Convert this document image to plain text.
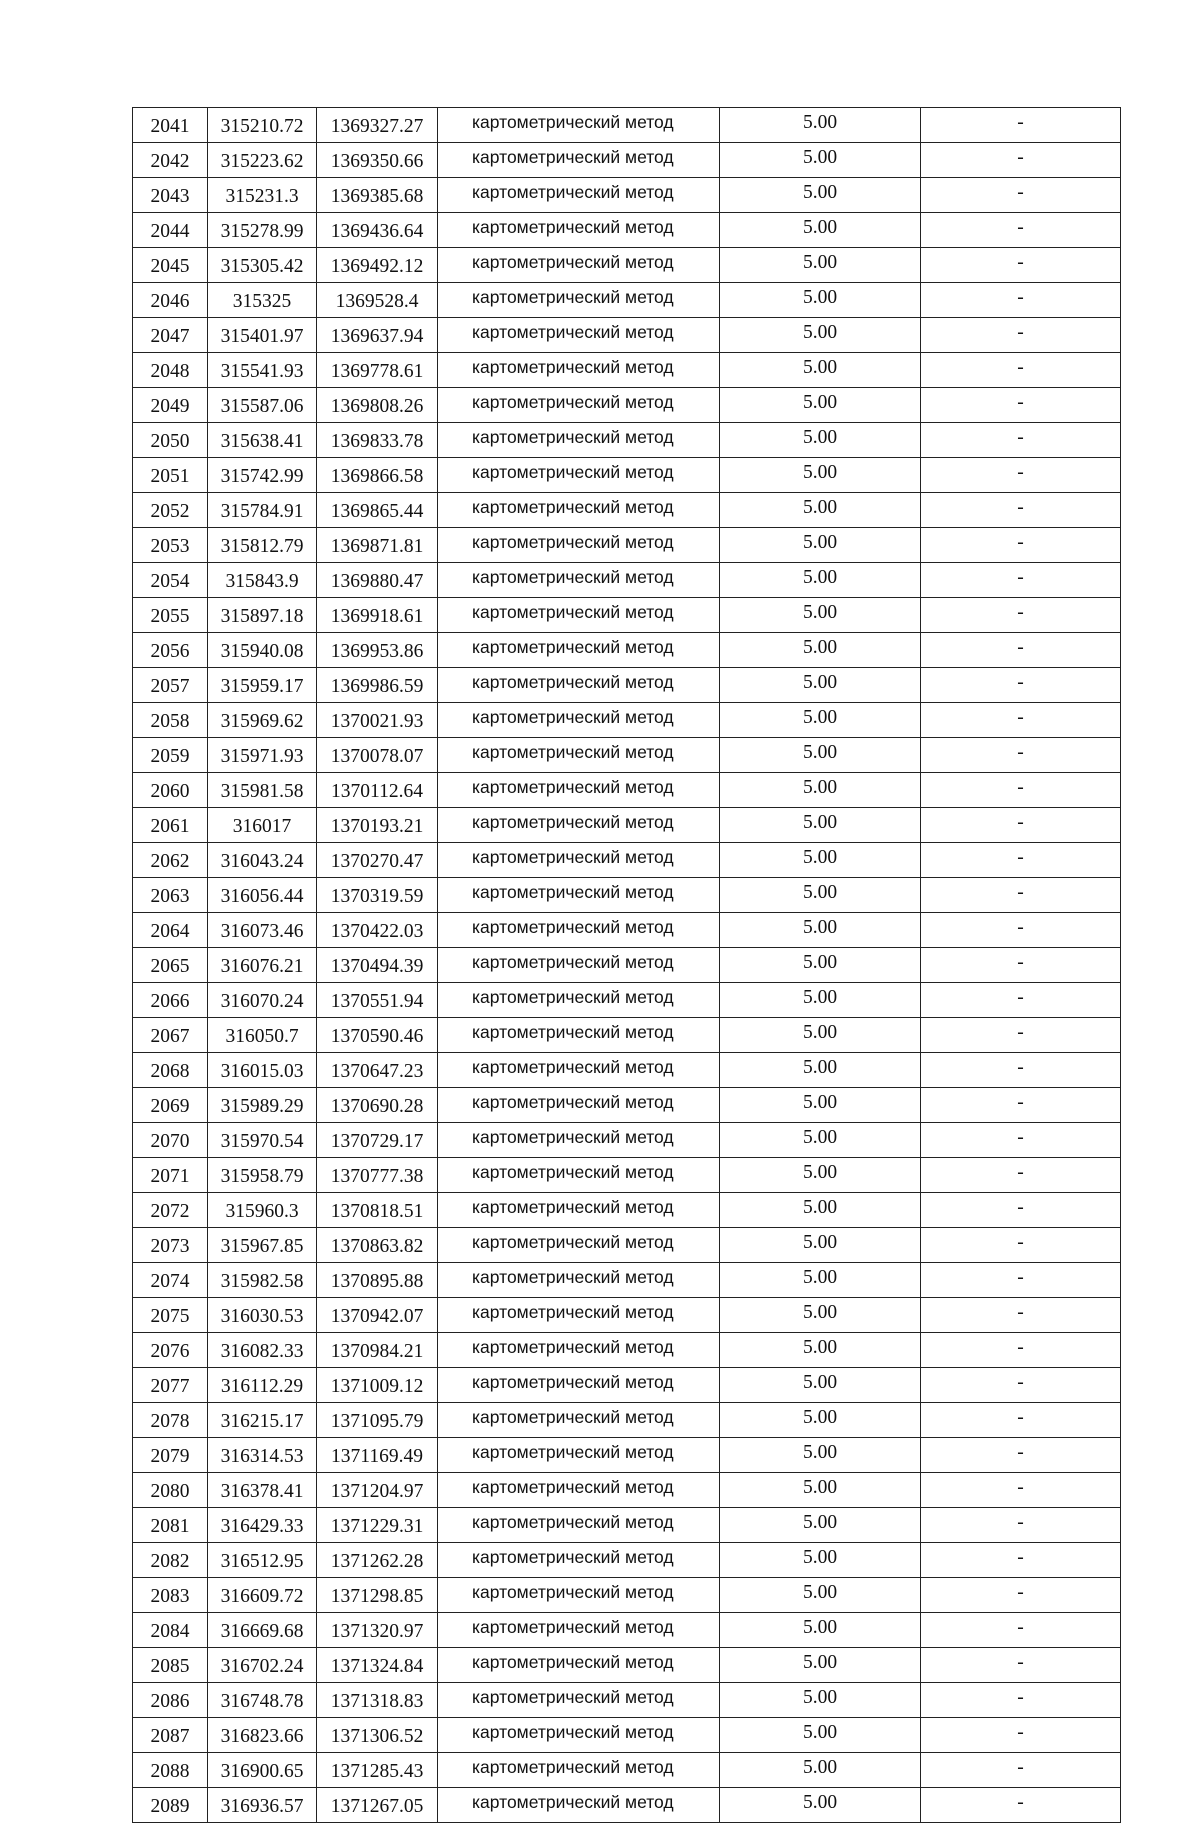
2041	315210.72	1369327.27	картометрический метод	5.00	-
2042	315223.62	1369350.66	картометрический метод	5.00	-
2043	315231.3	1369385.68	картометрический метод	5.00	-
2044	315278.99	1369436.64	картометрический метод	5.00	-
2045	315305.42	1369492.12	картометрический метод	5.00	-
2046	315325	1369528.4	картометрический метод	5.00	-
2047	315401.97	1369637.94	картометрический метод	5.00	-
2048	315541.93	1369778.61	картометрический метод	5.00	-
2049	315587.06	1369808.26	картометрический метод	5.00	-
2050	315638.41	1369833.78	картометрический метод	5.00	-
2051	315742.99	1369866.58	картометрический метод	5.00	-
2052	315784.91	1369865.44	картометрический метод	5.00	-
2053	315812.79	1369871.81	картометрический метод	5.00	-
2054	315843.9	1369880.47	картометрический метод	5.00	-
2055	315897.18	1369918.61	картометрический метод	5.00	-
2056	315940.08	1369953.86	картометрический метод	5.00	-
2057	315959.17	1369986.59	картометрический метод	5.00	-
2058	315969.62	1370021.93	картометрический метод	5.00	-
2059	315971.93	1370078.07	картометрический метод	5.00	-
2060	315981.58	1370112.64	картометрический метод	5.00	-
2061	316017	1370193.21	картометрический метод	5.00	-
2062	316043.24	1370270.47	картометрический метод	5.00	-
2063	316056.44	1370319.59	картометрический метод	5.00	-
2064	316073.46	1370422.03	картометрический метод	5.00	-
2065	316076.21	1370494.39	картометрический метод	5.00	-
2066	316070.24	1370551.94	картометрический метод	5.00	-
2067	316050.7	1370590.46	картометрический метод	5.00	-
2068	316015.03	1370647.23	картометрический метод	5.00	-
2069	315989.29	1370690.28	картометрический метод	5.00	-
2070	315970.54	1370729.17	картометрический метод	5.00	-
2071	315958.79	1370777.38	картометрический метод	5.00	-
2072	315960.3	1370818.51	картометрический метод	5.00	-
2073	315967.85	1370863.82	картометрический метод	5.00	-
2074	315982.58	1370895.88	картометрический метод	5.00	-
2075	316030.53	1370942.07	картометрический метод	5.00	-
2076	316082.33	1370984.21	картометрический метод	5.00	-
2077	316112.29	1371009.12	картометрический метод	5.00	-
2078	316215.17	1371095.79	картометрический метод	5.00	-
2079	316314.53	1371169.49	картометрический метод	5.00	-
2080	316378.41	1371204.97	картометрический метод	5.00	-
2081	316429.33	1371229.31	картометрический метод	5.00	-
2082	316512.95	1371262.28	картометрический метод	5.00	-
2083	316609.72	1371298.85	картометрический метод	5.00	-
2084	316669.68	1371320.97	картометрический метод	5.00	-
2085	316702.24	1371324.84	картометрический метод	5.00	-
2086	316748.78	1371318.83	картометрический метод	5.00	-
2087	316823.66	1371306.52	картометрический метод	5.00	-
2088	316900.65	1371285.43	картометрический метод	5.00	-
2089	316936.57	1371267.05	картометрический метод	5.00	-
